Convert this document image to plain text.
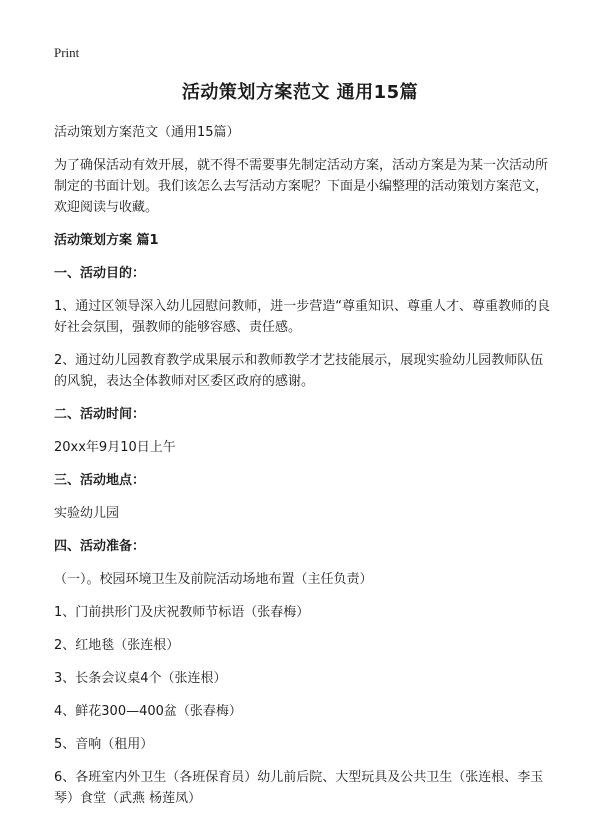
Print
活动策划方案范文 通用15篇

活动策划方案范文（通用15篇）

为了确保活动有效开展，就不得不需要事先制定活动方案，活动方案是为某一次活动所制定的书面计划。我们该怎么去写活动方案呢？下面是小编整理的活动策划方案范文，欢迎阅读与收藏。

活动策划方案 篇1

一、活动目的：

1、通过区领导深入幼儿园慰问教师，进一步营造“尊重知识、尊重人才、尊重教师的良好社会氛围，强教师的能够容感、责任感。

2、通过幼儿园教育教学成果展示和教师教学才艺技能展示，展现实验幼儿园教师队伍的风貌，表达全体教师对区委区政府的感谢。

二、活动时间：

20xx年9月10日上午

三、活动地点：

实验幼儿园

四、活动准备：

（一）。校园环境卫生及前院活动场地布置（主任负责）

1、门前拱形门及庆祝教师节标语（张春梅）

2、红地毯（张连根）

3、长条会议桌4个（张连根）

4、鲜花300—400盆（张春梅）

5、音响（租用）

6、各班室内外卫生（各班保育员）幼儿前后院、大型玩具及公共卫生（张连根、李玉琴）食堂（武燕 杨莲凤）
